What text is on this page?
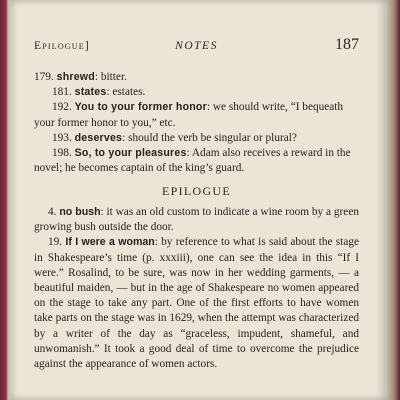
Epilogue]	NOTES	187

179. shrewd: bitter.

181. states: estates.

192. You to your former honor: we should write, “I bequeath your former honor to you,” etc.

193. deserves: should the verb be singular or plural?

198. So, to your pleasures: Adam also receives a reward in the novel; he becomes captain of the king’s guard.

EPILOGUE

4. no bush: it was an old custom to indicate a wine room by a green growing bush outside the door.

19. If I were a woman: by reference to what is said about the stage in Shakespeare’s time (p. xxxiii), one can see the idea in this “If I were.” Rosalind, to be sure, was now in her wedding garments, — a beautiful maiden, — but in the age of Shakespeare no women appeared on the stage to take any part. One of the first efforts to have women take parts on the stage was in 1629, when the attempt was characterized by a writer of the day as “graceless, impudent, shameful, and unwomanish.” It took a good deal of time to overcome the prejudice against the appearance of women actors.
